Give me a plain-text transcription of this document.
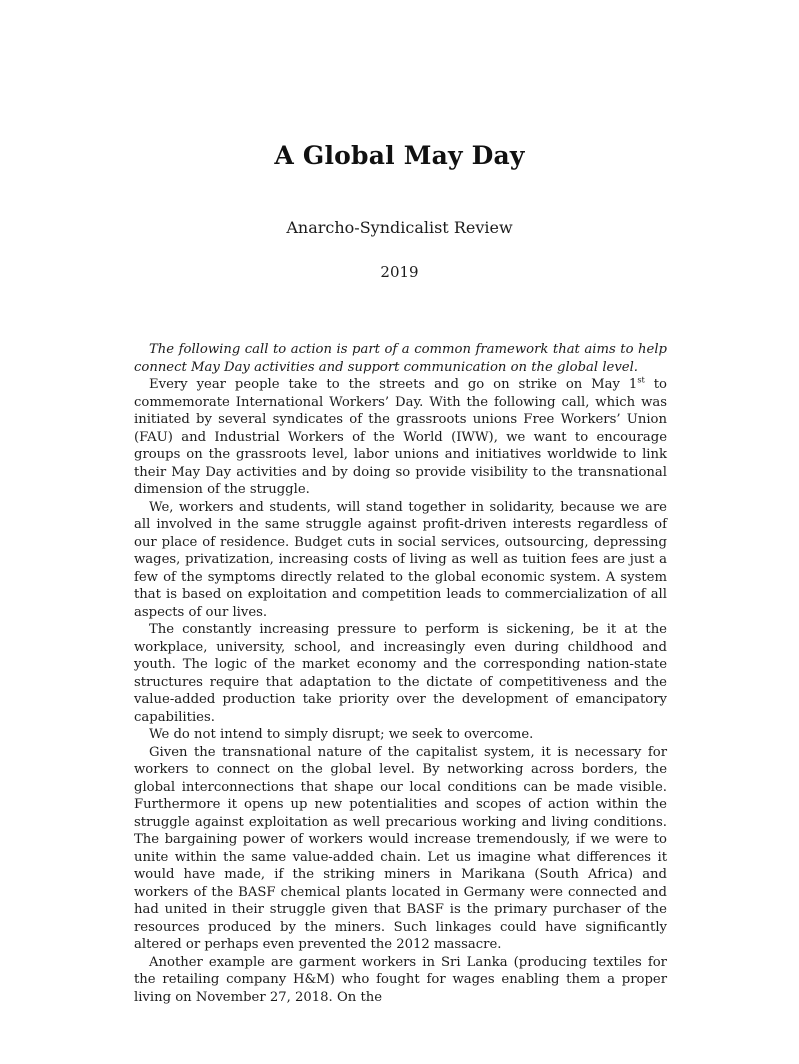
A Global May Day
Anarcho-Syndicalist Review
2019

The following call to action is part of a common framework that aims to help connect May Day activities and support communication on the global level.

Every year people take to the streets and go on strike on May 1st to commemorate International Workers’ Day. With the following call, which was initiated by several syndicates of the grassroots unions Free Workers’ Union (FAU) and Industrial Workers of the World (IWW), we want to encourage groups on the grassroots level, labor unions and initiatives worldwide to link their May Day activities and by doing so provide visibility to the transnational dimension of the struggle.

We, workers and students, will stand together in solidarity, because we are all involved in the same struggle against profit-driven interests regardless of our place of residence. Budget cuts in social services, outsourcing, depressing wages, privatization, increasing costs of living as well as tuition fees are just a few of the symptoms directly related to the global economic system. A system that is based on exploitation and competition leads to commercialization of all aspects of our lives.

The constantly increasing pressure to perform is sickening, be it at the workplace, university, school, and increasingly even during childhood and youth. The logic of the market economy and the corresponding nation-state structures require that adaptation to the dictate of competitiveness and the value-added production take priority over the development of emancipatory capabilities.

We do not intend to simply disrupt; we seek to overcome.

Given the transnational nature of the capitalist system, it is necessary for workers to connect on the global level. By networking across borders, the global interconnections that shape our local conditions can be made visible. Furthermore it opens up new potentialities and scopes of action within the struggle against exploitation as well precarious working and living conditions. The bargaining power of workers would increase tremendously, if we were to unite within the same value-added chain. Let us imagine what differences it would have made, if the striking miners in Marikana (South Africa) and workers of the BASF chemical plants located in Germany were connected and had united in their struggle given that BASF is the primary purchaser of the resources produced by the miners. Such linkages could have significantly altered or perhaps even prevented the 2012 massacre.

Another example are garment workers in Sri Lanka (producing textiles for the retailing company H&M) who fought for wages enabling them a proper living on November 27, 2018. On the
